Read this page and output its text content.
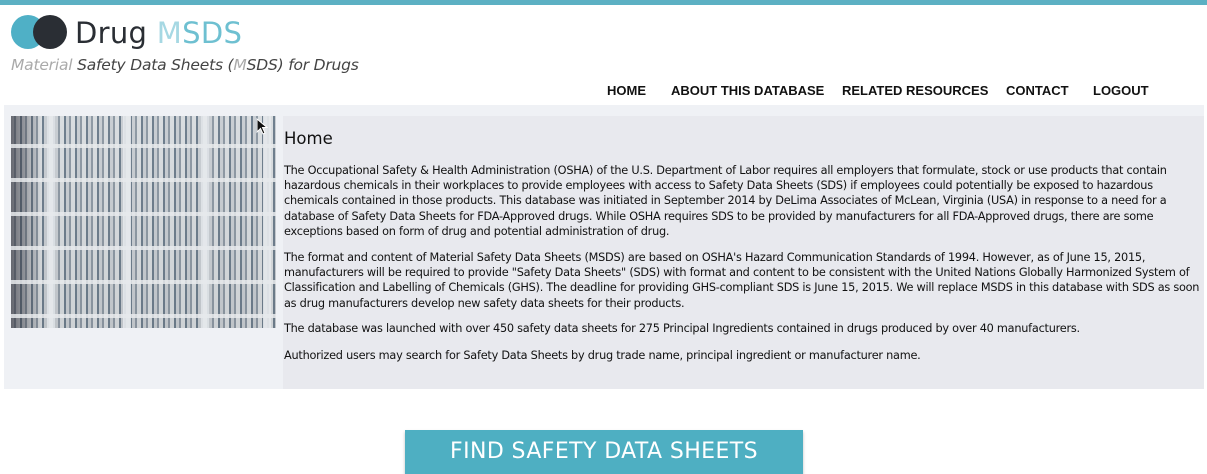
Drug MSDS
Material Safety Data Sheets (MSDS) for Drugs
HOME ABOUT THIS DATABASE RELATED RESOURCES CONTACT LOGOUT
Home

The Occupational Safety & Health Administration (OSHA) of the U.S. Department of Labor requires all employers that formulate, stock or use products that contain hazardous chemicals in their workplaces to provide employees with access to Safety Data Sheets (SDS) if employees could potentially be exposed to hazardous chemicals contained in those products. This database was initiated in September 2014 by DeLima Associates of McLean, Virginia (USA) in response to a need for a database of Safety Data Sheets for FDA-Approved drugs. While OSHA requires SDS to be provided by manufacturers for all FDA-Approved drugs, there are some exceptions based on form of drug and potential administration of drug.

The format and content of Material Safety Data Sheets (MSDS) are based on OSHA's Hazard Communication Standards of 1994. However, as of June 15, 2015, manufacturers will be required to provide "Safety Data Sheets" (SDS) with format and content to be consistent with the United Nations Globally Harmonized System of Classification and Labelling of Chemicals (GHS). The deadline for providing GHS-compliant SDS is June 15, 2015. We will replace MSDS in this database with SDS as soon as drug manufacturers develop new safety data sheets for their products.

The database was launched with over 450 safety data sheets for 275 Principal Ingredients contained in drugs produced by over 40 manufacturers.

Authorized users may search for Safety Data Sheets by drug trade name, principal ingredient or manufacturer name.

FIND SAFETY DATA SHEETS
